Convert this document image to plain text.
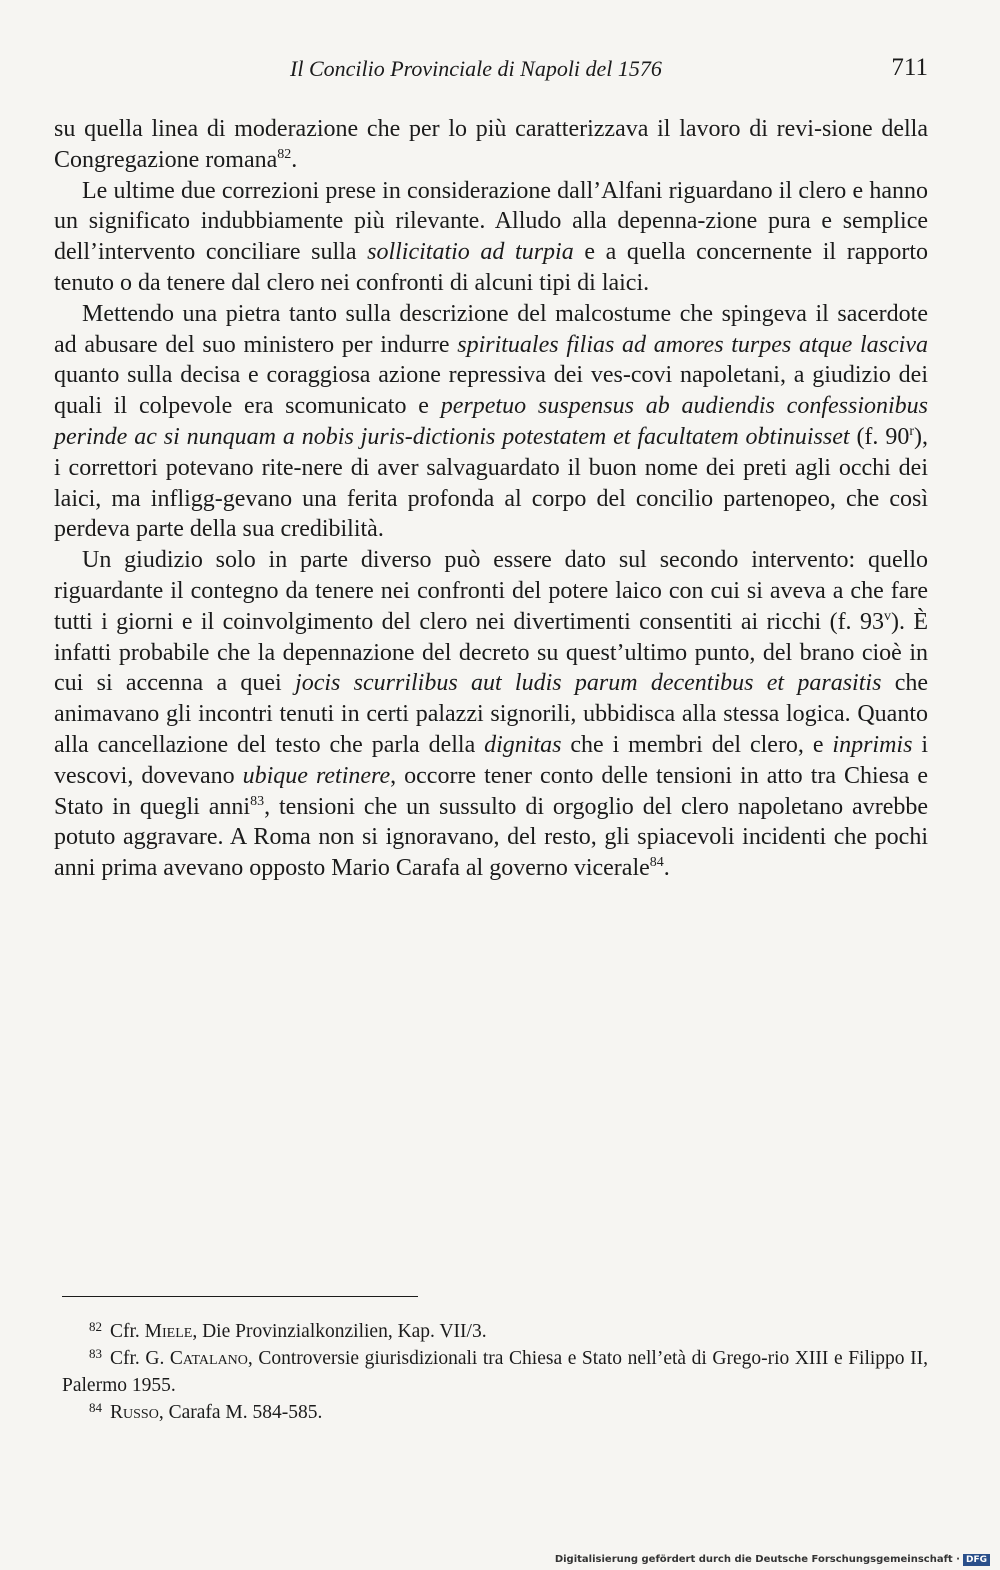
Il Concilio Provinciale di Napoli del 1576	711

su quella linea di moderazione che per lo più caratterizzava il lavoro di revi-sione della Congregazione romana$^{82}$.

Le ultime due correzioni prese in considerazione dall’Alfani riguardano il clero e hanno un significato indubbiamente più rilevante. Alludo alla depenna-zione pura e semplice dell’intervento conciliare sulla sollicitatio ad turpia e a quella concernente il rapporto tenuto o da tenere dal clero nei confronti di alcuni tipi di laici.

Mettendo una pietra tanto sulla descrizione del malcostume che spingeva il sacerdote ad abusare del suo ministero per indurre spirituales filias ad amores turpes atque lasciva quanto sulla decisa e coraggiosa azione repressiva dei ves-covi napoletani, a giudizio dei quali il colpevole era scomunicato e perpetuo suspensus ab audiendis confessionibus perinde ac si nunquam a nobis juris-dictionis potestatem et facultatem obtinuisset (f. 90$^r$), i correttori potevano rite-nere di aver salvaguardato il buon nome dei preti agli occhi dei laici, ma infligg-gevano una ferita profonda al corpo del concilio partenopeo, che così perdeva parte della sua credibilità.

Un giudizio solo in parte diverso può essere dato sul secondo intervento: quello riguardante il contegno da tenere nei confronti del potere laico con cui si aveva a che fare tutti i giorni e il coinvolgimento del clero nei divertimenti consentiti ai ricchi (f. 93$^v$). È infatti probabile che la depennazione del decreto su quest’ultimo punto, del brano cioè in cui si accenna a quei jocis scurrilibus aut ludis parum decentibus et parasitis che animavano gli incontri tenuti in certi palazzi signorili, ubbidisca alla stessa logica. Quanto alla cancellazione del testo che parla della dignitas che i membri del clero, e inprimis i vescovi, dovevano ubique retinere, occorre tener conto delle tensioni in atto tra Chiesa e Stato in quegli anni$^{83}$, tensioni che un sussulto di orgoglio del clero napoletano avrebbe potuto aggravare. A Roma non si ignoravano, del resto, gli spiacevoli incidenti che pochi anni prima avevano opposto Mario Carafa al governo vicerale$^{84}$.

$^{82}$ Cfr. Miele, Die Provinzialkonzilien, Kap. VII/3.

$^{83}$ Cfr. G. Catalano, Controversie giurisdizionali tra Chiesa e Stato nell’età di Grego-rio XIII e Filippo II, Palermo 1955.

$^{84}$ Russo, Carafa M. 584-585.

Digitalisierung gefördert durch die Deutsche Forschungsgemeinschaft · DFG
